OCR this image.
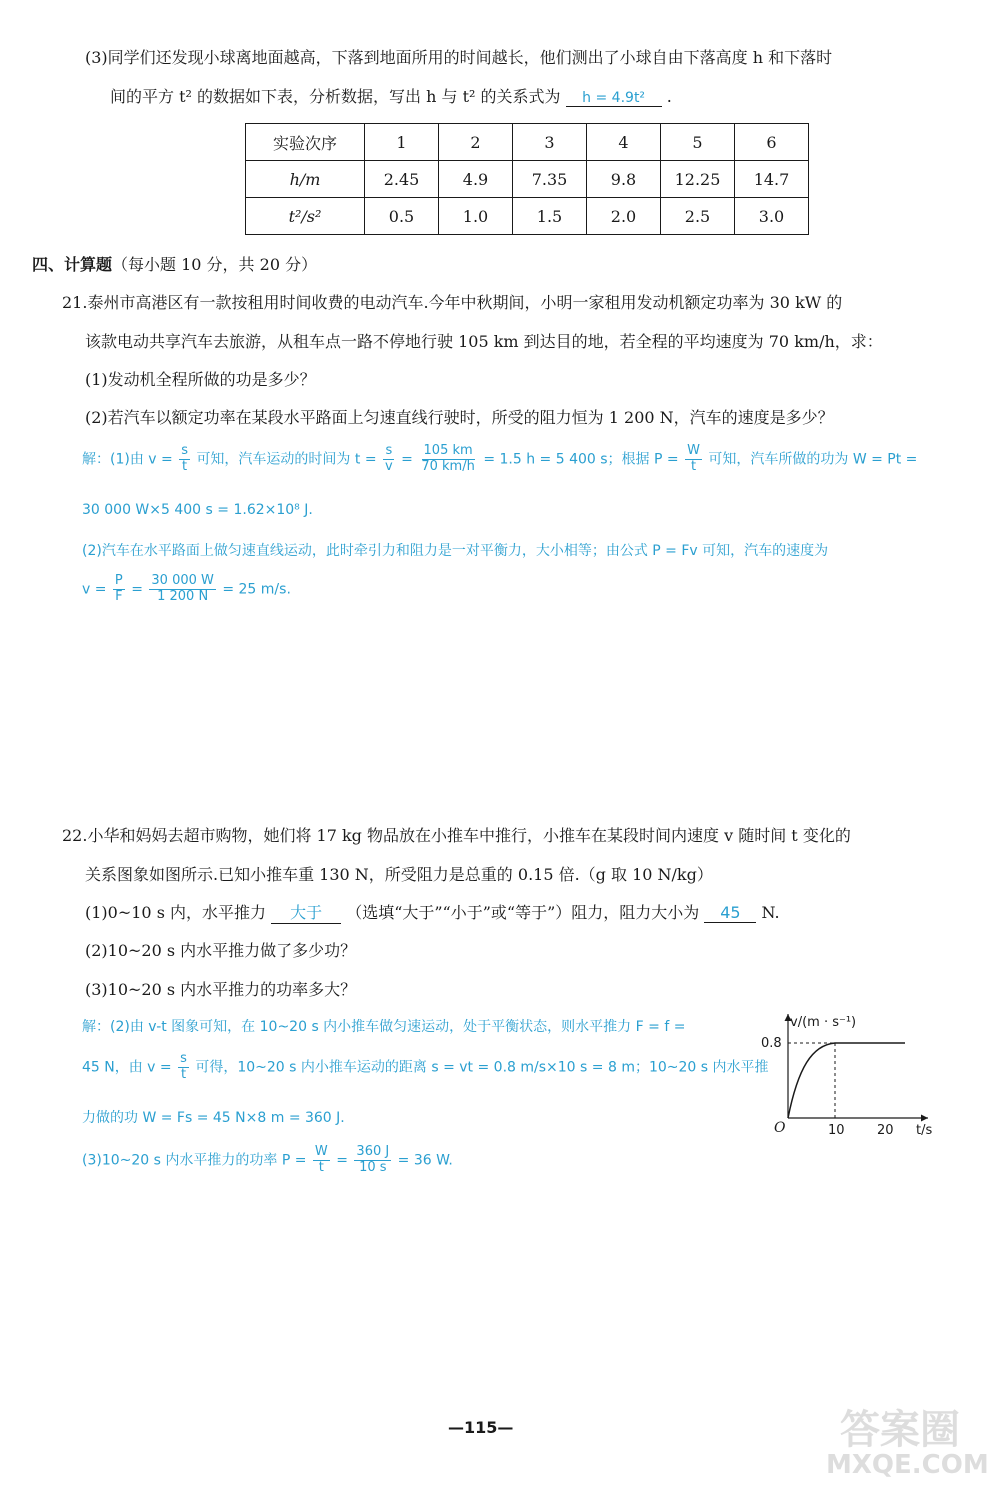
(3)同学们还发现小球离地面越高，下落到地面所用的时间越长，他们测出了小球自由下落高度 h 和下落时
间的平方 t² 的数据如下表，分析数据，写出 h 与 t² 的关系式为 h = 4.9t² .
实验次序	1	2	3	4	5	6
h/m	2.45	4.9	7.35	9.8	12.25	14.7
t²/s²	0.5	1.0	1.5	2.0	2.5	3.0
四、计算题（每小题 10 分，共 20 分）
21.泰州市高港区有一款按租用时间收费的电动汽车.今年中秋期间，小明一家租用发动机额定功率为 30 kW 的
该款电动共享汽车去旅游，从租车点一路不停地行驶 105 km 到达目的地，若全程的平均速度为 70 km/h，求：
(1)发动机全程所做的功是多少？
(2)若汽车以额定功率在某段水平路面上匀速直线行驶时，所受的阻力恒为 1 200 N，汽车的速度是多少？
解：(1)由 $v = \frac{s}{t}$ 可知，汽车运动的时间为 $t = \frac{s}{v} = \frac{105 km}{70 km/h} = 1.5$ h = 5 400 s；根据 $P = \frac{W}{t}$ 可知，汽车所做的功为 W = Pt =
30 000 W×5 400 s = 1.62×10⁸ J.
(2)汽车在水平路面上做匀速直线运动，此时牵引力和阻力是一对平衡力，大小相等；由公式 P = Fv 可知，汽车的速度为
$v = \frac{P}{F} = \frac{30 000 W}{1 200 N} = 25$ m/s.
22.小华和妈妈去超市购物，她们将 17 kg 物品放在小推车中推行，小推车在某段时间内速度 v 随时间 t 变化的
关系图象如图所示.已知小推车重 130 N，所受阻力是总重的 0.15 倍.（g 取 10 N/kg）
(1)0~10 s 内，水平推力 大于 （选填“大于”“小于”或“等于”）阻力，阻力大小为 45 N.
(2)10~20 s 内水平推力做了多少功？
(3)10~20 s 内水平推力的功率多大？
解：(2)由 v-t 图象可知，在 10~20 s 内小推车做匀速运动，处于平衡状态，则水平推力 F = f =
45 N，由 $v = \frac{s}{t}$ 可得，10~20 s 内小推车运动的距离 s = vt = 0.8 m/s×10 s = 8 m；10~20 s 内水平推
力做的功 W = Fs = 45 N×8 m = 360 J.
(3)10~20 s 内水平推力的功率 $P = \frac{W}{t} = \frac{360 J}{10 s} = 36$ W.
v/(m · s⁻¹)
0.8
O	10 20 t/s
—115—	答案圈
MXQE.COM
